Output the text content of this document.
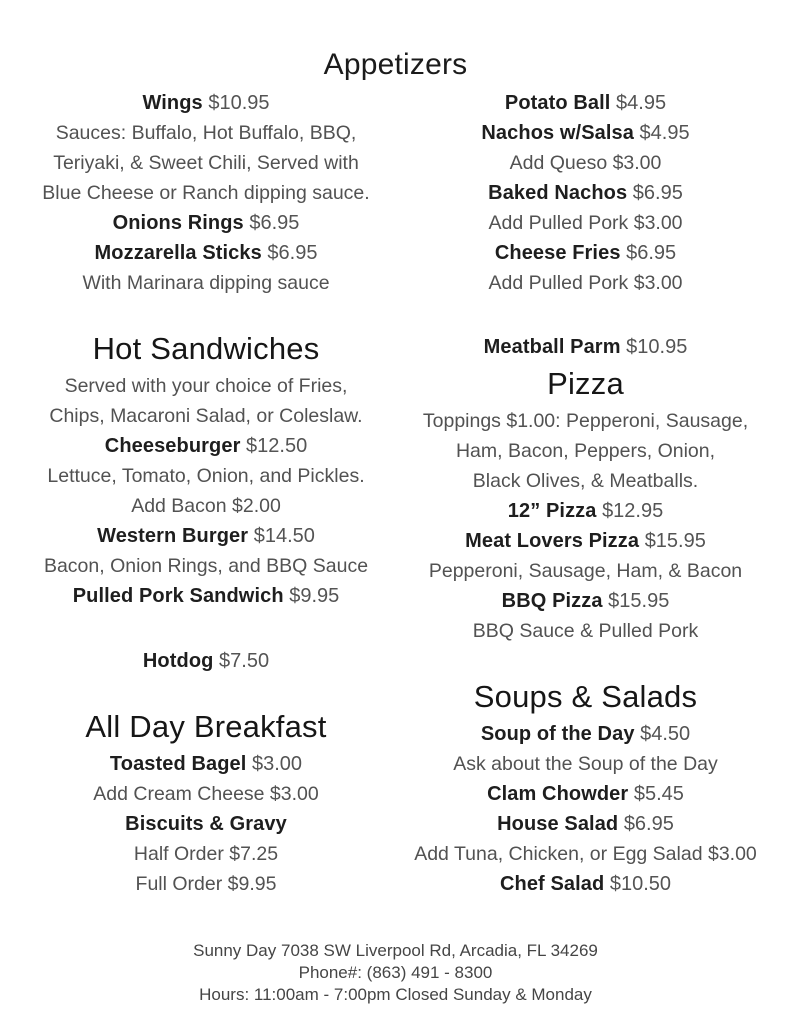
Appetizers
Wings $10.95
Sauces: Buffalo, Hot Buffalo, BBQ,
Teriyaki, & Sweet Chili, Served with
Blue Cheese or Ranch dipping sauce.
Onions Rings $6.95
Mozzarella Sticks $6.95
With Marinara dipping sauce
Hot Sandwiches
Served with your choice of Fries,
Chips, Macaroni Salad, or Coleslaw.
Cheeseburger $12.50
Lettuce, Tomato, Onion, and Pickles.
Add Bacon $2.00
Western Burger $14.50
Bacon, Onion Rings, and BBQ Sauce
Pulled Pork Sandwich $9.95
Hotdog $7.50
All Day Breakfast
Toasted Bagel $3.00
Add Cream Cheese $3.00
Biscuits & Gravy
Half Order $7.25
Full Order $9.95
Potato Ball $4.95
Nachos w/Salsa $4.95
Add Queso $3.00
Baked Nachos $6.95
Add Pulled Pork $3.00
Cheese Fries $6.95
Add Pulled Pork $3.00
Meatball Parm $10.95
Pizza
Toppings $1.00: Pepperoni, Sausage,
Ham, Bacon, Peppers, Onion,
Black Olives, & Meatballs.
12” Pizza $12.95
Meat Lovers Pizza $15.95
Pepperoni, Sausage, Ham, & Bacon
BBQ Pizza $15.95
BBQ Sauce & Pulled Pork
Soups & Salads
Soup of the Day $4.50
Ask about the Soup of the Day
Clam Chowder $5.45
House Salad $6.95
Add Tuna, Chicken, or Egg Salad $3.00
Chef Salad $10.50
Sunny Day 7038 SW Liverpool Rd, Arcadia, FL 34269
Phone#: (863) 491 - 8300
Hours: 11:00am - 7:00pm Closed Sunday & Monday
